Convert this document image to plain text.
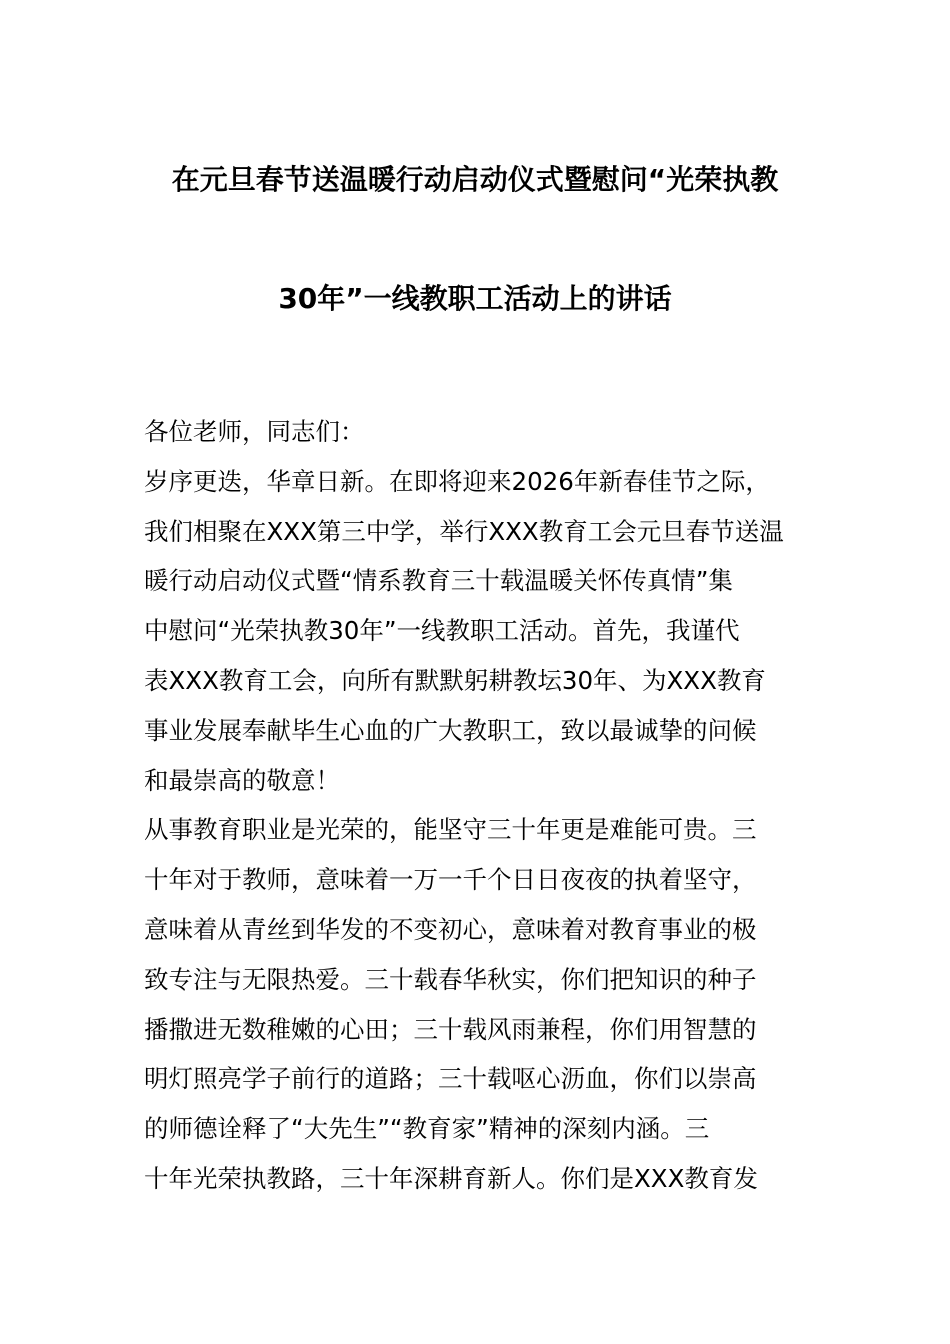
在元旦春节送温暖行动启动仪式暨慰问“光荣执教
30年”一线教职工活动上的讲话
各位老师，同志们：
岁序更迭，华章日新。在即将迎来2026年新春佳节之际，
我们相聚在XXX第三中学，举行XXX教育工会元旦春节送温
暖行动启动仪式暨“情系教育三十载温暖关怀传真情”集
中慰问“光荣执教30年”一线教职工活动。首先，我谨代
表XXX教育工会，向所有默默躬耕教坛30年、为XXX教育
事业发展奉献毕生心血的广大教职工，致以最诚挚的问候
和最崇高的敬意！
从事教育职业是光荣的，能坚守三十年更是难能可贵。三
十年对于教师，意味着一万一千个日日夜夜的执着坚守，
意味着从青丝到华发的不变初心，意味着对教育事业的极
致专注与无限热爱。三十载春华秋实，你们把知识的种子
播撒进无数稚嫩的心田；三十载风雨兼程，你们用智慧的
明灯照亮学子前行的道路；三十载呕心沥血，你们以崇高
的师德诠释了“大先生”“教育家”精神的深刻内涵。三
十年光荣执教路，三十年深耕育新人。你们是XXX教育发
